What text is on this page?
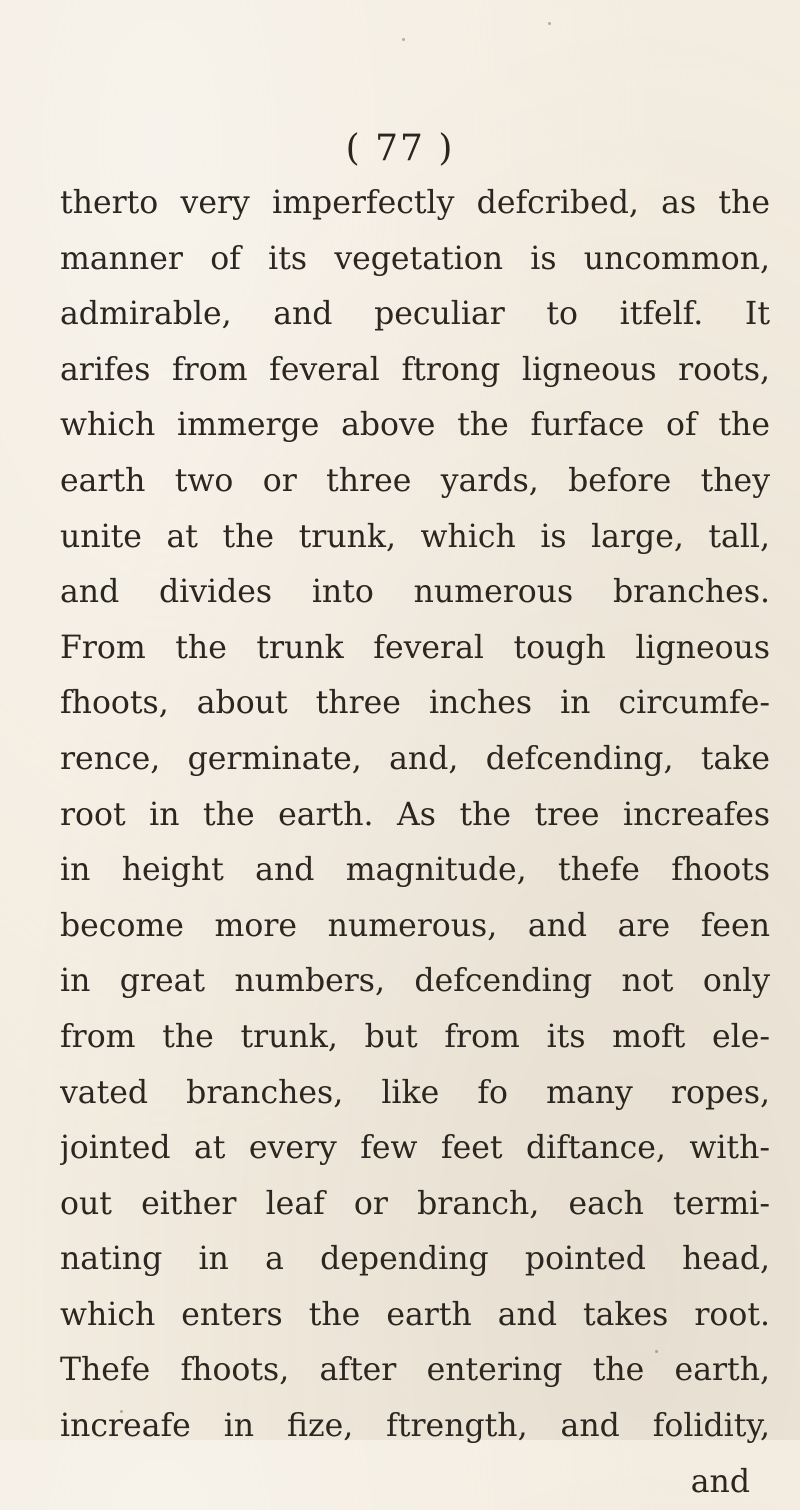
( 77 )
therto very imperfectly defcribed, as the
manner of its vegetation is uncommon,
admirable, and peculiar to itfelf. It
arifes from feveral ftrong ligneous roots,
which immerge above the furface of the
earth two or three yards, before they
unite at the trunk, which is large, tall,
and divides into numerous branches.
From the trunk feveral tough ligneous
fhoots, about three inches in circumfe-
rence, germinate, and, defcending, take
root in the earth. As the tree increafes
in height and magnitude, thefe fhoots
become more numerous, and are feen
in great numbers, defcending not only
from the trunk, but from its moft ele-
vated branches, like fo many ropes,
jointed at every few feet diftance, with-
out either leaf or branch, each termi-
nating in a depending pointed head,
which enters the earth and takes root.
Thefe fhoots, after entering the earth,
increafe in fize, ftrength, and folidity,
and
